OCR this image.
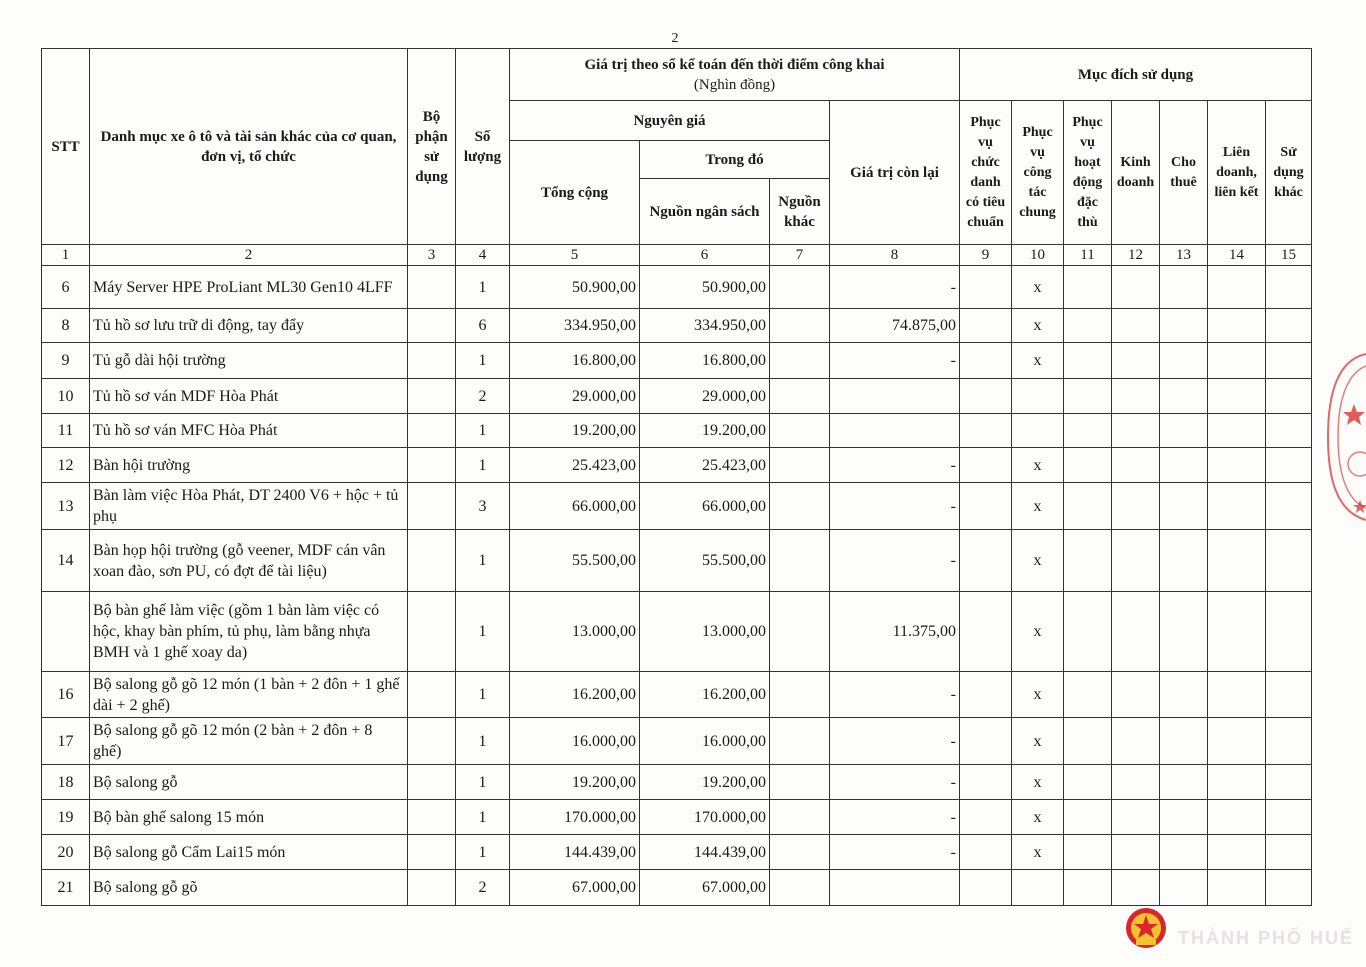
2
STT	Danh mục xe ô tô và tài sản khác của cơ quan, đơn vị, tổ chức	Bộ phận sử dụng	Số lượng	Giá trị theo sổ kế toán đến thời điểm công khai
(Nghìn đồng)				Mục đích sử dụng						
				Nguyên giá			Giá trị còn lại	Phục vụ chức danh có tiêu chuẩn	Phục vụ công tác chung	Phục vụ hoạt động đặc thù	Kinh doanh	Cho thuê	Liên doanh, liên kết	Sử dụng khác
				Tổng cộng	Trong đó									
					Nguồn ngân sách	Nguồn khác								
1	2	3	4	5	6	7	8	9	10	11	12	13	14	15
6	Máy Server HPE ProLiant ML30 Gen10 4LFF		1	50.900,00	50.900,00		-		x					
8	Tủ hồ sơ lưu trữ di động, tay đẩy		6	334.950,00	334.950,00		74.875,00		x					
9	Tủ gỗ dài hội trường		1	16.800,00	16.800,00		-		x					
10	Tủ hồ sơ ván MDF Hòa Phát		2	29.000,00	29.000,00									
11	Tủ hồ sơ ván MFC Hòa Phát		1	19.200,00	19.200,00									
12	Bàn hội trường		1	25.423,00	25.423,00		-		x					
13	Bàn làm việc Hòa Phát, DT 2400 V6 + hộc + tủ phụ		3	66.000,00	66.000,00		-		x					
14	Bàn họp hội trường (gỗ veener, MDF cán vân xoan đào, sơn PU, có đợt để tài liệu)		1	55.500,00	55.500,00		-		x					
	Bộ bàn ghế làm việc (gồm 1 bàn làm việc có hộc, khay bàn phím, tủ phụ, làm bằng nhựa BMH và 1 ghế xoay da)		1	13.000,00	13.000,00		11.375,00		x					
16	Bộ salong gỗ gõ 12 món (1 bàn + 2 đôn + 1 ghế dài + 2 ghế)		1	16.200,00	16.200,00		-		x					
17	Bộ salong gỗ gõ 12 món (2 bàn + 2 đôn + 8 ghế)		1	16.000,00	16.000,00		-		x					
18	Bộ salong gỗ		1	19.200,00	19.200,00		-		x					
19	Bộ bàn ghế salong 15 món		1	170.000,00	170.000,00		-		x					
20	Bộ salong gỗ Cẩm Lai15 món		1	144.439,00	144.439,00		-		x					
21	Bộ salong gỗ gõ		2	67.000,00	67.000,00									
THÀNH PHỐ HUẾ
